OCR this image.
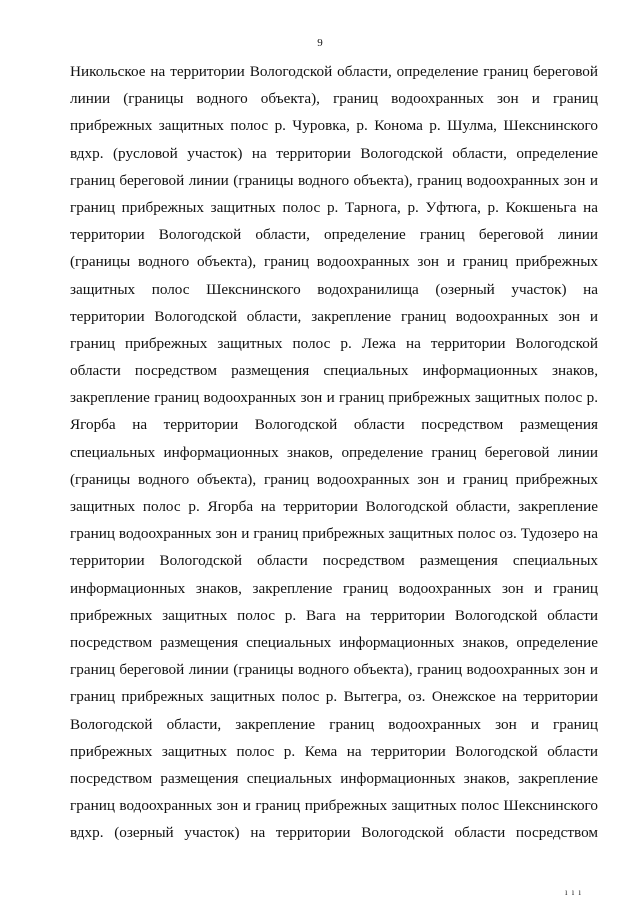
9
Никольское на территории Вологодской области, определение границ береговой
линии (границы водного объекта), границ водоохранных зон и границ
прибрежных защитных полос р. Чуровка, р. Конома р. Шулма, Шекснинского
вдхр. (русловой участок) на территории Вологодской области, определение
границ береговой линии (границы водного объекта), границ водоохранных зон и
границ прибрежных защитных полос р. Тарнога, р. Уфтюга, р. Кокшеньга на
территории Вологодской области, определение границ береговой линии
(границы водного объекта), границ водоохранных зон и границ прибрежных
защитных полос Шекснинского водохранилища (озерный участок) на
территории Вологодской области, закрепление границ водоохранных зон и
границ прибрежных защитных полос р. Лежа на территории Вологодской
области посредством размещения специальных информационных знаков,
закрепление границ водоохранных зон и границ прибрежных защитных полос р.
Ягорба на территории Вологодской области посредством размещения
специальных информационных знаков, определение границ береговой линии
(границы водного объекта), границ водоохранных зон и границ прибрежных
защитных полос р. Ягорба на территории Вологодской области, закрепление
границ водоохранных зон и границ прибрежных защитных полос оз. Тудозеро на
территории Вологодской области посредством размещения специальных
информационных знаков, закрепление границ водоохранных зон и границ
прибрежных защитных полос р. Вага на территории Вологодской области
посредством размещения специальных информационных знаков, определение
границ береговой линии (границы водного объекта), границ водоохранных зон и
границ прибрежных защитных полос р. Вытегра, оз. Онежское на территории
Вологодской области, закрепление границ водоохранных зон и границ
прибрежных защитных полос р. Кема на территории Вологодской области
посредством размещения специальных информационных знаков, закрепление
границ водоохранных зон и границ прибрежных защитных полос Шекснинского
вдхр. (озерный участок) на территории Вологодской области посредством
ı ı ı
